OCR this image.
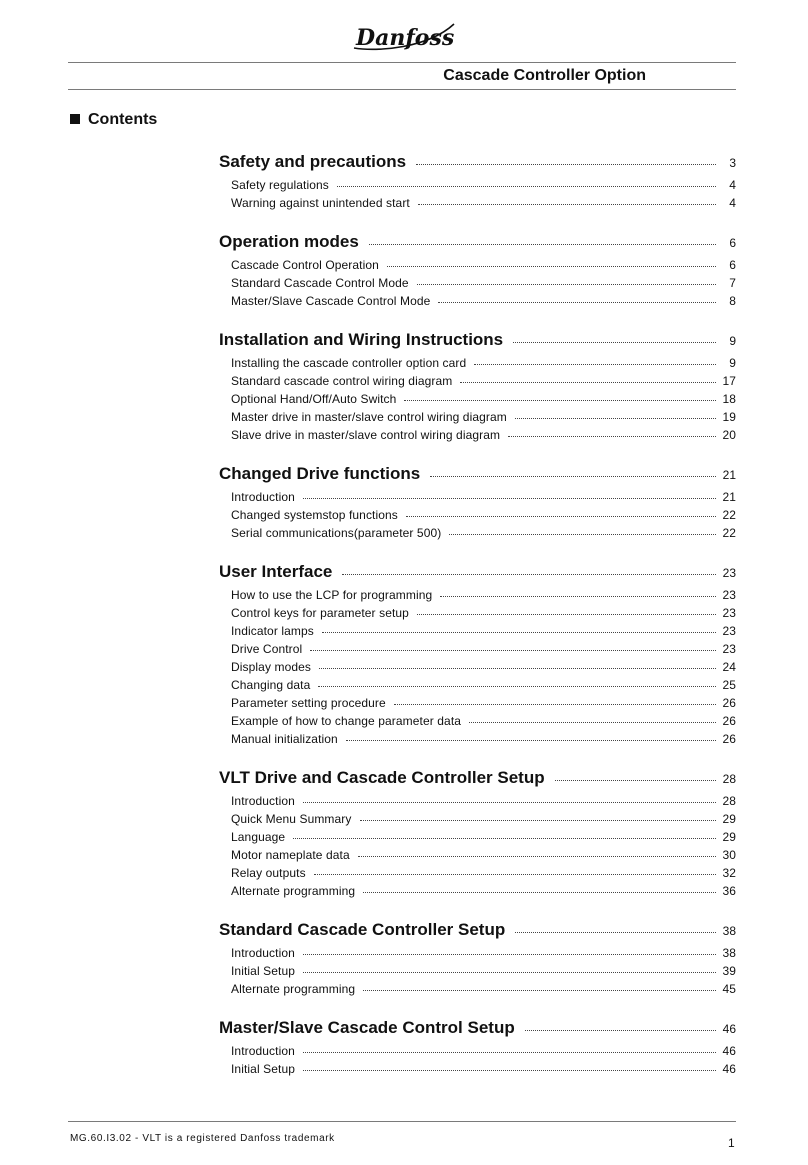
Danfoss
Cascade Controller Option
Contents
Safety and precautions	3
Safety regulations	4
Warning against unintended start	4
Operation modes	6
Cascade Control Operation	6
Standard Cascade Control Mode	7
Master/Slave Cascade Control Mode	8
Installation and Wiring Instructions	9
Installing the cascade controller option card	9
Standard cascade control wiring diagram	17
Optional Hand/Off/Auto Switch	18
Master drive in master/slave control wiring diagram	19
Slave drive in master/slave control wiring diagram	20
Changed Drive functions	21
Introduction	21
Changed systemstop functions	22
Serial communications(parameter 500)	22
User Interface	23
How to use the LCP for programming	23
Control keys for parameter setup	23
Indicator lamps	23
Drive Control	23
Display modes	24
Changing data	25
Parameter setting procedure	26
Example of how to change parameter data	26
Manual initialization	26
VLT Drive and Cascade Controller Setup	28
Introduction	28
Quick Menu Summary	29
Language	29
Motor nameplate data	30
Relay outputs	32
Alternate programming	36
Standard Cascade Controller Setup	38
Introduction	38
Initial Setup	39
Alternate programming	45
Master/Slave Cascade Control Setup	46
Introduction	46
Initial Setup	46
MG.60.I3.02 - VLT is a registered Danfoss trademark	1
